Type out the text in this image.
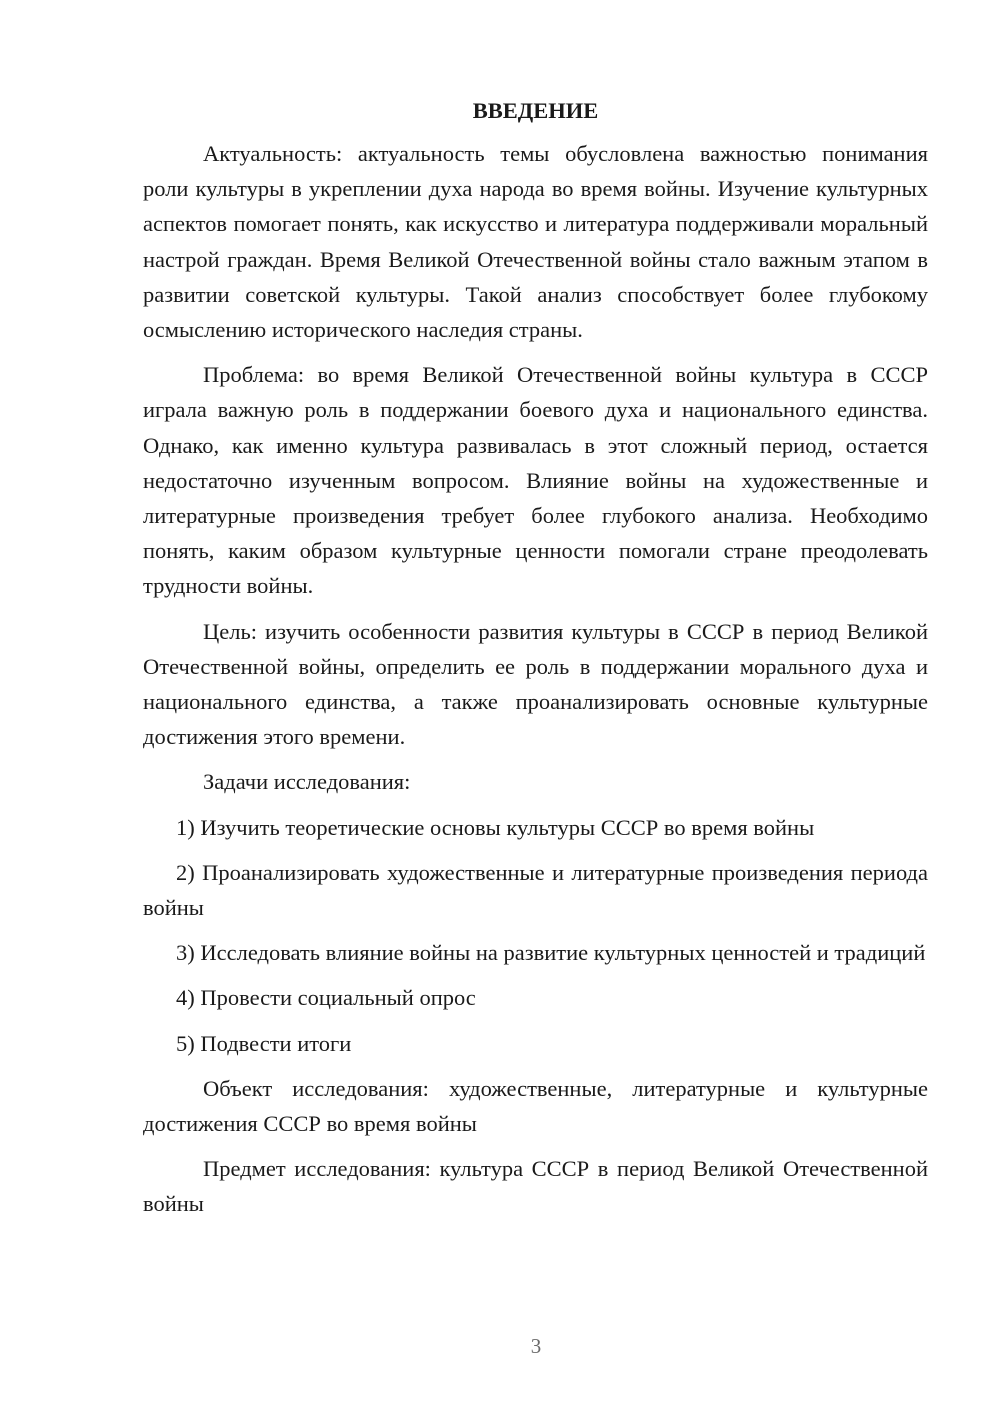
ВВЕДЕНИЕ

Актуальность: актуальность темы обусловлена важностью понимания роли культуры в укреплении духа народа во время войны. Изучение культурных аспектов помогает понять, как искусство и литература поддерживали моральный настрой граждан. Время Великой Отечественной войны стало важным этапом в развитии советской культуры. Такой анализ способствует более глубокому осмыслению исторического наследия страны.

Проблема: во время Великой Отечественной войны культура в СССР играла важную роль в поддержании боевого духа и национального единства. Однако, как именно культура развивалась в этот сложный период, остается недостаточно изученным вопросом. Влияние войны на художественные и литературные произведения требует более глубокого анализа. Необходимо понять, каким образом культурные ценности помогали стране преодолевать трудности войны.

Цель: изучить особенности развития культуры в СССР в период Великой Отечественной войны, определить ее роль в поддержании морального духа и национального единства, а также проанализировать основные культурные достижения этого времени.

Задачи исследования:

1) Изучить теоретические основы культуры СССР во время войны

2) Проанализировать художественные и литературные произведения периода войны

3) Исследовать влияние войны на развитие культурных ценностей и традиций

4) Провести социальный опрос

5) Подвести итоги

Объект исследования: художественные, литературные и культурные достижения СССР во время войны

Предмет исследования: культура СССР в период Великой Отечественной войны

3
